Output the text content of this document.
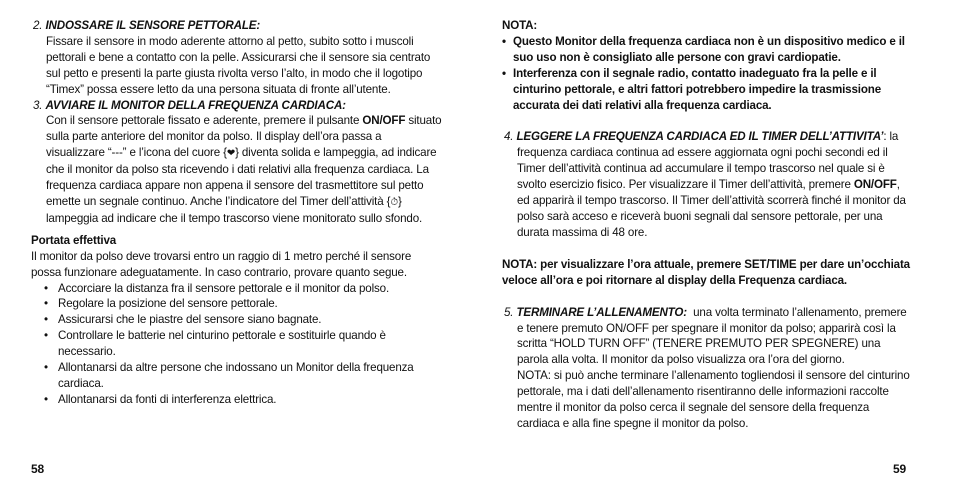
2. INDOSSARE IL SENSORE PETTORALE:

Fissare il sensore in modo aderente attorno al petto, subito sotto i muscoli pettorali e bene a contatto con la pelle. Assicurarsi che il sensore sia centrato sul petto e presenti la parte giusta rivolta verso l’alto, in modo che il logotipo “Timex” possa essere letto da una persona situata di fronte all’utente.

3. AVVIARE IL MONITOR DELLA FREQUENZA CARDIACA:

Con il sensore pettorale fissato e aderente, premere il pulsante ON/OFF situato sulla parte anteriore del monitor da polso. Il display dell’ora passa a visualizzare “---” e l’icona del cuore {❤} diventa solida e lampeggia, ad indicare che il monitor da polso sta ricevendo i dati relativi alla frequenza cardiaca. La frequenza cardiaca appare non appena il sensore del trasmettitore sul petto emette un segnale continuo. Anche l’indicatore del Timer dell’attività {⏱} lampeggia ad indicare che il tempo trascorso viene monitorato sullo sfondo.

Portata effettiva

Il monitor da polso deve trovarsi entro un raggio di 1 metro perché il sensore possa funzionare adeguatamente. In caso contrario, provare quanto segue.

• Accorciare la distanza fra il sensore pettorale e il monitor da polso.
• Regolare la posizione del sensore pettorale.
• Assicurarsi che le piastre del sensore siano bagnate.
• Controllare le batterie nel cinturino pettorale e sostituirle quando è necessario.
• Allontanarsi da altre persone che indossano un Monitor della frequenza cardiaca.
• Allontanarsi da fonti di interferenza elettrica.
58

NOTA:

• Questo Monitor della frequenza cardiaca non è un dispositivo medico e il suo uso non è consigliato alle persone con gravi cardiopatie.
• Interferenza con il segnale radio, contatto inadeguato fra la pelle e il cinturino pettorale, e altri fattori potrebbero impedire la trasmissione accurata dei dati relativi alla frequenza cardiaca.

4. LEGGERE LA FREQUENZA CARDIACA ED IL TIMER DELL’ATTIVITA’: la frequenza cardiaca continua ad essere aggiornata ogni pochi secondi ed il Timer dell’attività continua ad accumulare il tempo trascorso nel quale si è svolto esercizio fisico. Per visualizzare il Timer dell’attività, premere ON/OFF, ed apparirà il tempo trascorso. Il Timer dell’attività scorrerà finché il monitor da polso sarà acceso e riceverà buoni segnali dal sensore pettorale, per una durata massima di 48 ore.

NOTA: per visualizzare l’ora attuale, premere SET/TIME per dare un’occhiata veloce all’ora e poi ritornare al display della Frequenza cardiaca.

5. TERMINARE L’ALLENAMENTO: una volta terminato l’allenamento, premere e tenere premuto ON/OFF per spegnare il monitor da polso; apparirà così la scritta “HOLD TURN OFF” (TENERE PREMUTO PER SPEGNERE) una parola alla volta. Il monitor da polso visualizza ora l’ora del giorno.

NOTA: si può anche terminare l’allenamento togliendosi il sensore del cinturino pettorale, ma i dati dell’allenamento risentiranno delle informazioni raccolte mentre il monitor da polso cerca il segnale del sensore della frequenza cardiaca e alla fine spegne il monitor da polso.

59
